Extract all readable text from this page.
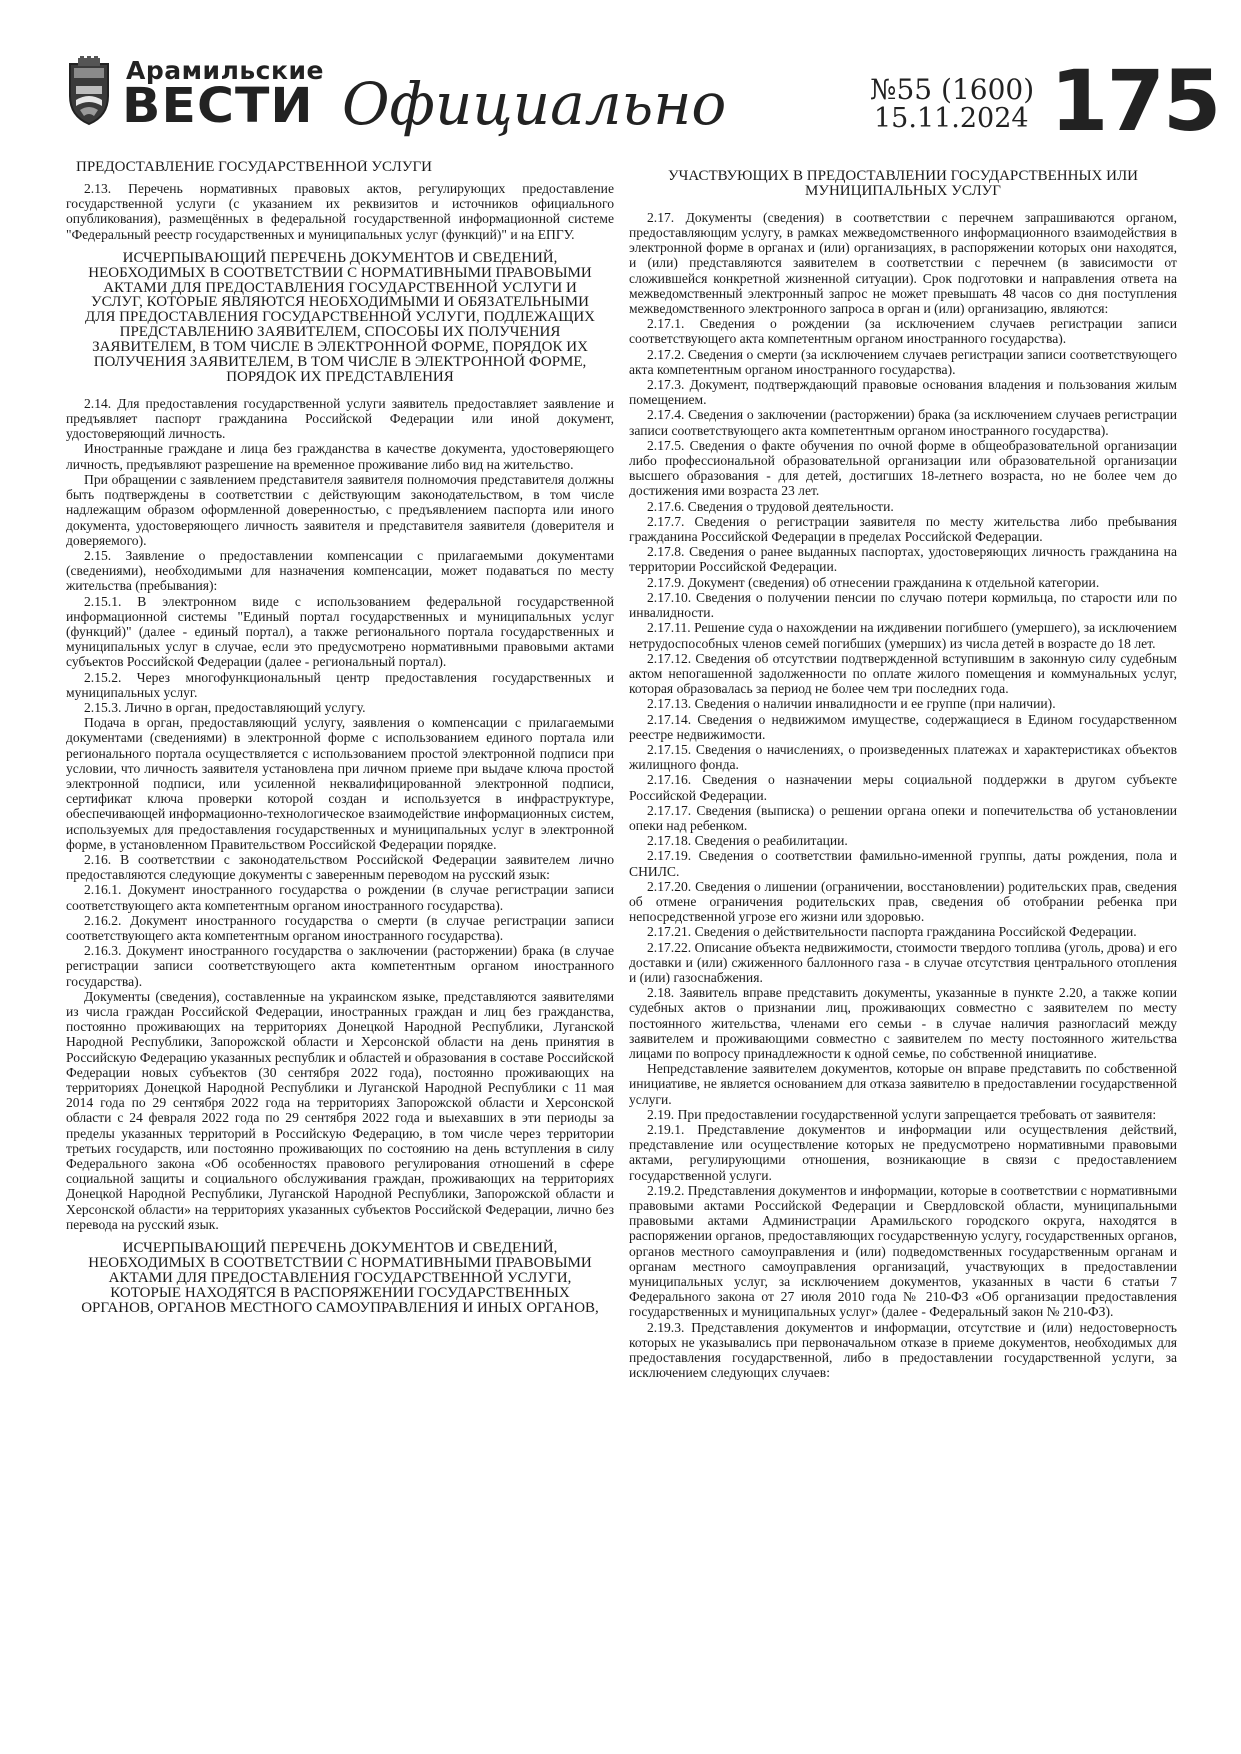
Арамильские
ВЕСТИ Официально	№55 (1600)
15.11.2024 175

ПРЕДОСТАВЛЕНИЕ ГОСУДАРСТВЕННОЙ УСЛУГИ

2.13. Перечень нормативных правовых актов, регулирующих предоставление государственной услуги (с указанием их реквизитов и источников официального опубликования), размещённых в федеральной государственной информационной системе "Федеральный реестр государственных и муниципальных услуг (функций)" и на ЕПГУ.

ИСЧЕРПЫВАЮЩИЙ ПЕРЕЧЕНЬ ДОКУМЕНТОВ И СВЕДЕНИЙ, НЕОБХОДИМЫХ В СООТВЕТСТВИИ С НОРМАТИВНЫМИ ПРАВОВЫМИ АКТАМИ ДЛЯ ПРЕДОСТАВЛЕНИЯ ГОСУДАРСТВЕННОЙ УСЛУГИ И УСЛУГ, КОТОРЫЕ ЯВЛЯЮТСЯ НЕОБХОДИМЫМИ И ОБЯЗАТЕЛЬНЫМИ ДЛЯ ПРЕДОСТАВЛЕНИЯ ГОСУДАРСТВЕННОЙ УСЛУГИ, ПОДЛЕЖАЩИХ ПРЕДСТАВЛЕНИЮ ЗАЯВИТЕЛЕМ, СПОСОБЫ ИХ ПОЛУЧЕНИЯ ЗАЯВИТЕЛЕМ, В ТОМ ЧИСЛЕ В ЭЛЕКТРОННОЙ ФОРМЕ, ПОРЯДОК ИХ ПОЛУЧЕНИЯ ЗАЯВИТЕЛЕМ, В ТОМ ЧИСЛЕ В ЭЛЕКТРОННОЙ ФОРМЕ, ПОРЯДОК ИХ ПРЕДСТАВЛЕНИЯ

2.14. Для предоставления государственной услуги заявитель предоставляет заявление и предъявляет паспорт гражданина Российской Федерации или иной документ, удостоверяющий личность.

Иностранные граждане и лица без гражданства в качестве документа, удостоверяющего личность, предъявляют разрешение на временное проживание либо вид на жительство.

При обращении с заявлением представителя заявителя полномочия представителя должны быть подтверждены в соответствии с действующим законодательством, в том числе надлежащим образом оформленной доверенностью, с предъявлением паспорта или иного документа, удостоверяющего личность заявителя и представителя заявителя (доверителя и доверяемого).

2.15. Заявление о предоставлении компенсации с прилагаемыми документами (сведениями), необходимыми для назначения компенсации, может подаваться по месту жительства (пребывания):

2.15.1. В электронном виде с использованием федеральной государственной информационной системы "Единый портал государственных и муниципальных услуг (функций)" (далее - единый портал), а также регионального портала государственных и муниципальных услуг в случае, если это предусмотрено нормативными правовыми актами субъектов Российской Федерации (далее - региональный портал).

2.15.2. Через многофункциональный центр предоставления государственных и муниципальных услуг.

2.15.3. Лично в орган, предоставляющий услугу.

Подача в орган, предоставляющий услугу, заявления о компенсации с прилагаемыми документами (сведениями) в электронной форме с использованием единого портала или регионального портала осуществляется с использованием простой электронной подписи при условии, что личность заявителя установлена при личном приеме при выдаче ключа простой электронной подписи, или усиленной неквалифицированной электронной подписи, сертификат ключа проверки которой создан и используется в инфраструктуре, обеспечивающей информационно-технологическое взаимодействие информационных систем, используемых для предоставления государственных и муниципальных услуг в электронной форме, в установленном Правительством Российской Федерации порядке.

2.16. В соответствии с законодательством Российской Федерации заявителем лично предоставляются следующие документы с заверенным переводом на русский язык:

2.16.1. Документ иностранного государства о рождении (в случае регистрации записи соответствующего акта компетентным органом иностранного государства).

2.16.2. Документ иностранного государства о смерти (в случае регистрации записи соответствующего акта компетентным органом иностранного государства).

2.16.3. Документ иностранного государства о заключении (расторжении) брака (в случае регистрации записи соответствующего акта компетентным органом иностранного государства).

Документы (сведения), составленные на украинском языке, представляются заявителями из числа граждан Российской Федерации, иностранных граждан и лиц без гражданства, постоянно проживающих на территориях Донецкой Народной Республики, Луганской Народной Республики, Запорожской области и Херсонской области на день принятия в Российскую Федерацию указанных республик и областей и образования в составе Российской Федерации новых субъектов (30 сентября 2022 года), постоянно проживающих на территориях Донецкой Народной Республики и Луганской Народной Республики с 11 мая 2014 года по 29 сентября 2022 года на территориях Запорожской области и Херсонской области с 24 февраля 2022 года по 29 сентября 2022 года и выехавших в эти периоды за пределы указанных территорий в Российскую Федерацию, в том числе через территории третьих государств, или постоянно проживающих по состоянию на день вступления в силу Федерального закона «Об особенностях правового регулирования отношений в сфере социальной защиты и социального обслуживания граждан, проживающих на территориях Донецкой Народной Республики, Луганской Народной Республики, Запорожской области и Херсонской области» на территориях указанных субъектов Российской Федерации, лично без перевода на русский язык.

ИСЧЕРПЫВАЮЩИЙ ПЕРЕЧЕНЬ ДОКУМЕНТОВ И СВЕДЕНИЙ, НЕОБХОДИМЫХ В СООТВЕТСТВИИ С НОРМАТИВНЫМИ ПРАВОВЫМИ АКТАМИ ДЛЯ ПРЕДОСТАВЛЕНИЯ ГОСУДАРСТВЕННОЙ УСЛУГИ, КОТОРЫЕ НАХОДЯТСЯ В РАСПОРЯЖЕНИИ ГОСУДАРСТВЕННЫХ ОРГАНОВ, ОРГАНОВ МЕСТНОГО САМОУПРАВЛЕНИЯ И ИНЫХ ОРГАНОВ,

УЧАСТВУЮЩИХ В ПРЕДОСТАВЛЕНИИ ГОСУДАРСТВЕННЫХ ИЛИ МУНИЦИПАЛЬНЫХ УСЛУГ

2.17. Документы (сведения) в соответствии с перечнем запрашиваются органом, предоставляющим услугу, в рамках межведомственного информационного взаимодействия в электронной форме в органах и (или) организациях, в распоряжении которых они находятся, и (или) представляются заявителем в соответствии с перечнем (в зависимости от сложившейся конкретной жизненной ситуации). Срок подготовки и направления ответа на межведомственный электронный запрос не может превышать 48 часов со дня поступления межведомственного электронного запроса в орган и (или) организацию, являются:

2.17.1. Сведения о рождении (за исключением случаев регистрации записи соответствующего акта компетентным органом иностранного государства).

2.17.2. Сведения о смерти (за исключением случаев регистрации записи соответствующего акта компетентным органом иностранного государства).

2.17.3. Документ, подтверждающий правовые основания владения и пользования жилым помещением.

2.17.4. Сведения о заключении (расторжении) брака (за исключением случаев регистрации записи соответствующего акта компетентным органом иностранного государства).

2.17.5. Сведения о факте обучения по очной форме в общеобразовательной организации либо профессиональной образовательной организации или образовательной организации высшего образования - для детей, достигших 18-летнего возраста, но не более чем до достижения ими возраста 23 лет.

2.17.6. Сведения о трудовой деятельности.

2.17.7. Сведения о регистрации заявителя по месту жительства либо пребывания гражданина Российской Федерации в пределах Российской Федерации.

2.17.8. Сведения о ранее выданных паспортах, удостоверяющих личность гражданина на территории Российской Федерации.

2.17.9. Документ (сведения) об отнесении гражданина к отдельной категории.

2.17.10. Сведения о получении пенсии по случаю потери кормильца, по старости или по инвалидности.

2.17.11. Решение суда о нахождении на иждивении погибшего (умершего), за исключением нетрудоспособных членов семей погибших (умерших) из числа детей в возрасте до 18 лет.

2.17.12. Сведения об отсутствии подтвержденной вступившим в законную силу судебным актом непогашенной задолженности по оплате жилого помещения и коммунальных услуг, которая образовалась за период не более чем три последних года.

2.17.13. Сведения о наличии инвалидности и ее группе (при наличии).

2.17.14. Сведения о недвижимом имуществе, содержащиеся в Едином государственном реестре недвижимости.

2.17.15. Сведения о начислениях, о произведенных платежах и характеристиках объектов жилищного фонда.

2.17.16. Сведения о назначении меры социальной поддержки в другом субъекте Российской Федерации.

2.17.17. Сведения (выписка) о решении органа опеки и попечительства об установлении опеки над ребенком.

2.17.18. Сведения о реабилитации.

2.17.19. Сведения о соответствии фамильно-именной группы, даты рождения, пола и СНИЛС.

2.17.20. Сведения о лишении (ограничении, восстановлении) родительских прав, сведения об отмене ограничения родительских прав, сведения об отобрании ребенка при непосредственной угрозе его жизни или здоровью.

2.17.21. Сведения о действительности паспорта гражданина Российской Федерации.

2.17.22. Описание объекта недвижимости, стоимости твердого топлива (уголь, дрова) и его доставки и (или) сжиженного баллонного газа - в случае отсутствия центрального отопления и (или) газоснабжения.

2.18. Заявитель вправе представить документы, указанные в пункте 2.20, а также копии судебных актов о признании лиц, проживающих совместно с заявителем по месту постоянного жительства, членами его семьи - в случае наличия разногласий между заявителем и проживающими совместно с заявителем по месту постоянного жительства лицами по вопросу принадлежности к одной семье, по собственной инициативе.

Непредставление заявителем документов, которые он вправе представить по собственной инициативе, не является основанием для отказа заявителю в предоставлении государственной услуги.

2.19. При предоставлении государственной услуги запрещается требовать от заявителя:

2.19.1. Представление документов и информации или осуществления действий, представление или осуществление которых не предусмотрено нормативными правовыми актами, регулирующими отношения, возникающие в связи с предоставлением государственной услуги.

2.19.2. Представления документов и информации, которые в соответствии с нормативными правовыми актами Российской Федерации и Свердловской области, муниципальными правовыми актами Администрации Арамильского городского округа, находятся в распоряжении органов, предоставляющих государственную услугу, государственных органов, органов местного самоуправления и (или) подведомственных государственным органам и органам местного самоуправления организаций, участвующих в предоставлении муниципальных услуг, за исключением документов, указанных в части 6 статьи 7 Федерального закона от 27 июля 2010 года № 210-ФЗ «Об организации предоставления государственных и муниципальных услуг» (далее - Федеральный закон № 210-ФЗ).

2.19.3. Представления документов и информации, отсутствие и (или) недостоверность которых не указывались при первоначальном отказе в приеме документов, необходимых для предоставления государственной, либо в предоставлении государственной услуги, за исключением следующих случаев:
